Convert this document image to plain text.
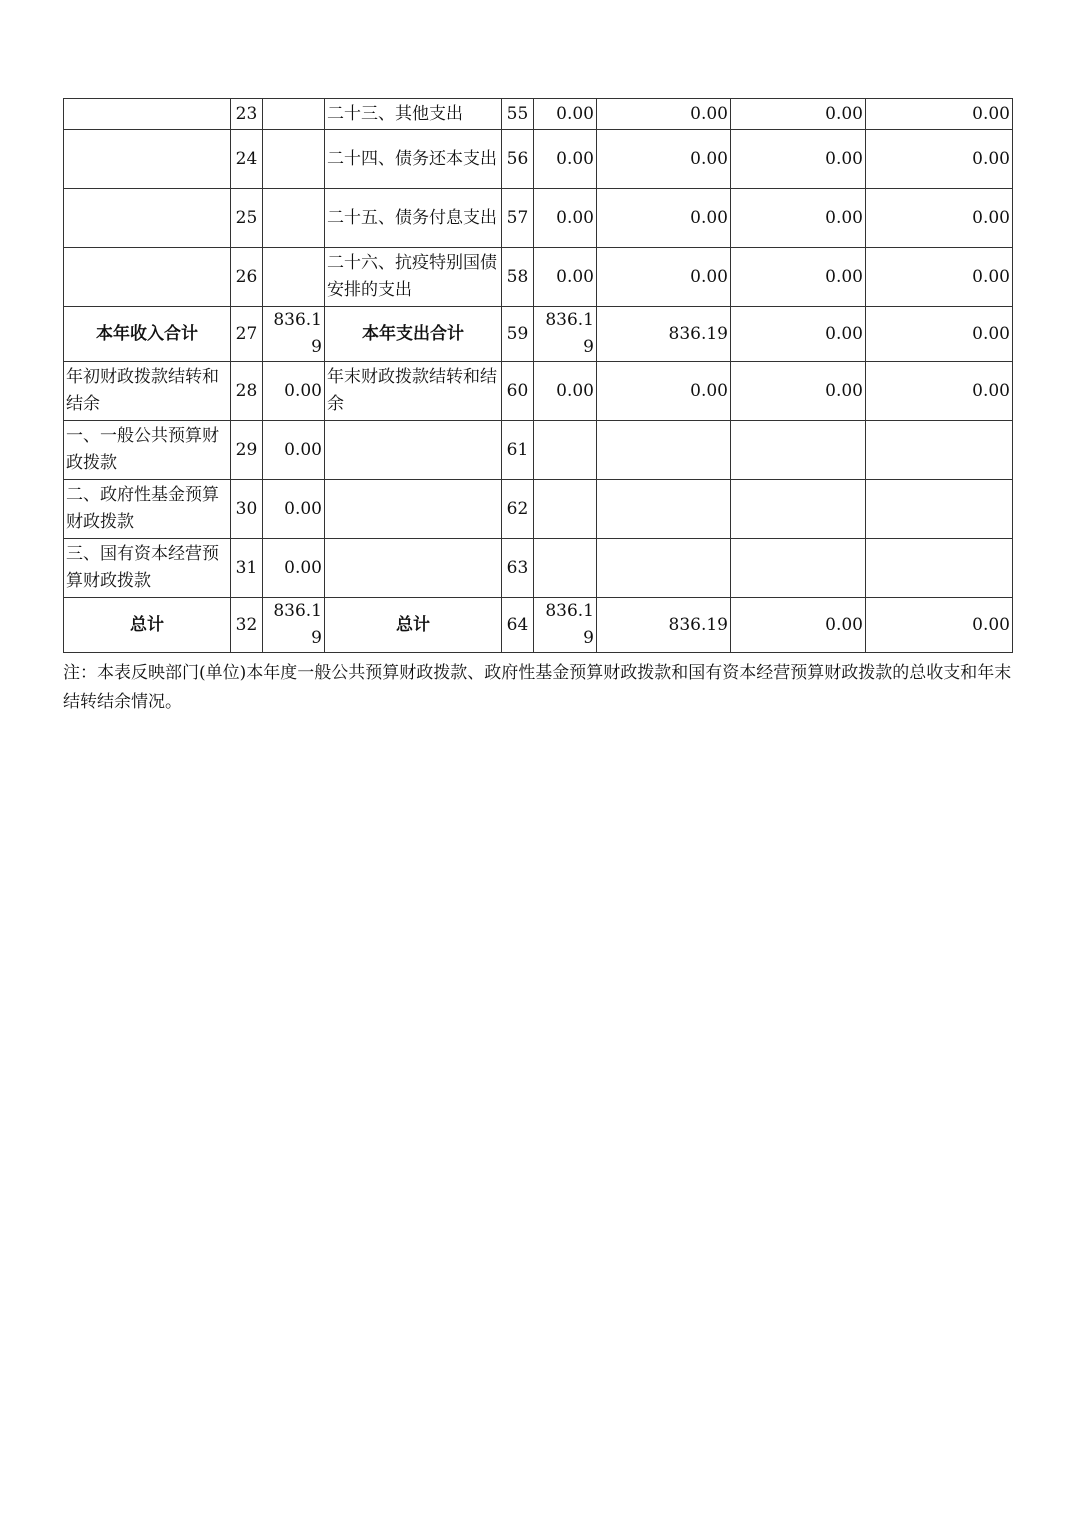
	23		二十三、其他支出	55	0.00	0.00	0.00	0.00
	24		二十四、债务还本支出	56	0.00	0.00	0.00	0.00
	25		二十五、债务付息支出	57	0.00	0.00	0.00	0.00
	26		二十六、抗疫特别国债安排的支出	58	0.00	0.00	0.00	0.00
本年收入合计	27	836.19	本年支出合计	59	836.19	836.19	0.00	0.00
年初财政拨款结转和结余	28	0.00	年末财政拨款结转和结余	60	0.00	0.00	0.00	0.00
一、一般公共预算财政拨款	29	0.00		61				
二、政府性基金预算财政拨款	30	0.00		62				
三、国有资本经营预算财政拨款	31	0.00		63				
总计	32	836.19	总计	64	836.19	836.19	0.00	0.00
注：本表反映部门(单位)本年度一般公共预算财政拨款、政府性基金预算财政拨款和国有资本经营预算财政拨款的总收支和年末结转结余情况。
